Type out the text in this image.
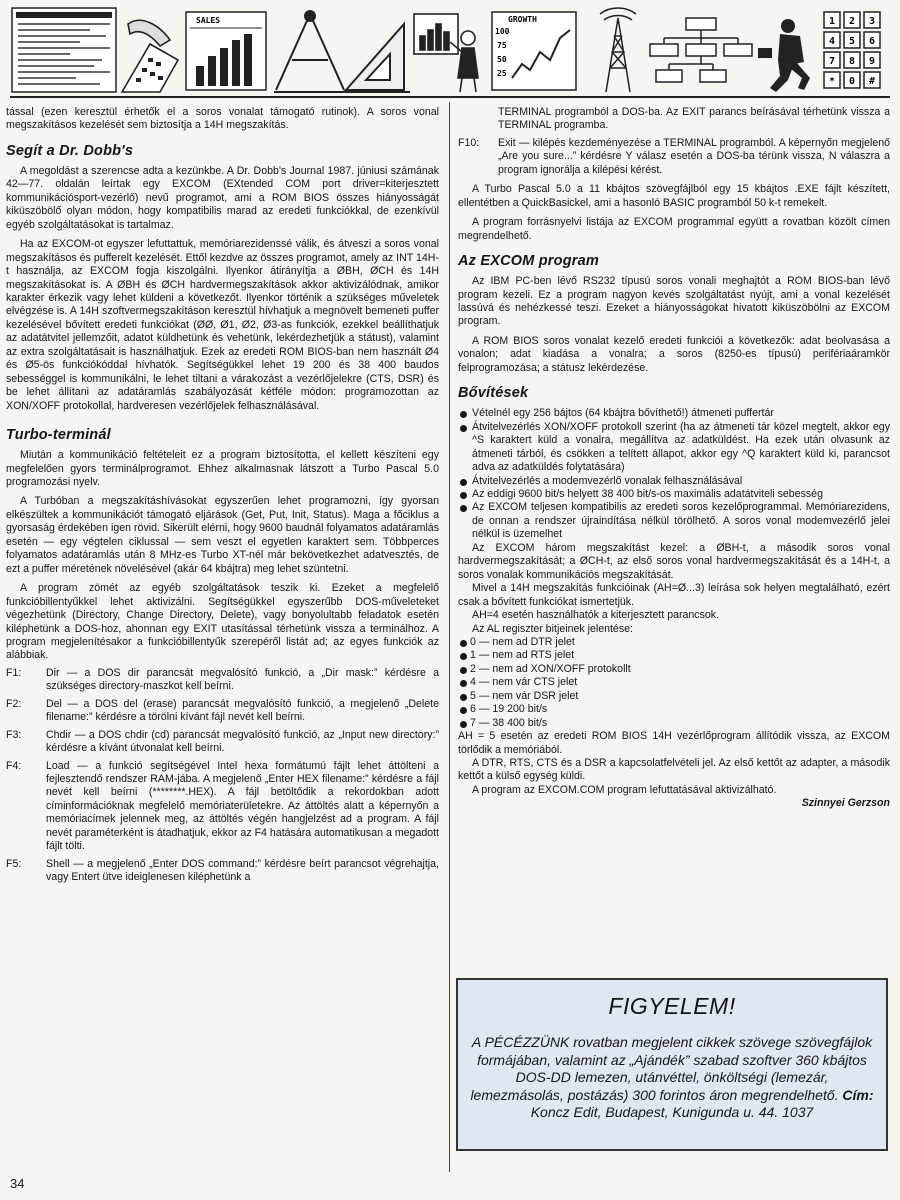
SALES	GROWTH
100
75
50
25
1 2 3
4 5 6
7 8 9
* 0 #

tással (ezen keresztül érhetők el a soros vonalat támogató rutinok). A soros vonal megszakításos kezelését sem biztosítja a 14H megszakítás.

Segít a Dr. Dobb's

A megoldást a szerencse adta a kezünkbe. A Dr. Dobb's Journal 1987. júniusi számának 42—77. oldalán leírtak egy EXCOM (EXtended COM port driver=kiterjesztett kommunikációsport-vezérlő) nevű programot, ami a ROM BIOS összes hiányosságát kiküszöbölő olyan módon, hogy kompatibilis marad az eredeti funkciókkal, de ezenkívül egyéb szolgáltatásokat is tartalmaz.

Ha az EXCOM-ot egyszer lefuttattuk, memóriarezidenssé válik, és átveszi a soros vonal megszakításos és pufferelt kezelését. Ettől kezdve az összes programot, amely az INT 14H-t használja, az EXCOM fogja kiszolgálni. Ilyenkor átirányítja a ØBH, ØCH és 14H megszakításokat is. A ØBH és ØCH hardvermegszakítások akkor aktivizálódnak, amikor karakter érkezik vagy lehet küldeni a következőt. Ilyenkor történik a szükséges műveletek elvégzése is. A 14H szoftvermegszakításon keresztül hívhatjuk a megnövelt bemeneti puffer kezelésével bővített eredeti funkciókat (ØØ, Ø1, Ø2, Ø3-as funkciók, ezekkel beállíthatjuk az adatátvitel jellemzőit, adatot küldhetünk és vehetünk, lekérdezhetjük a státust), valamint az extra szolgáltatásait is használhatjuk. Ezek az eredeti ROM BIOS-ban nem használt Ø4 és Ø5-ös funkciókóddal hívhatók. Segítségükkel lehet 19 200 és 38 400 baudos sebességgel is kommunikálni, le lehet tiltani a várakozást a vezérlőjelekre (CTS, DSR) és be lehet állítani az adatáramlás szabályozását kétféle módon: programozottan az XON/XOFF protokollal, hardveresen vezérlőjelek felhasználásával.

Turbo-terminál

Miután a kommunikáció feltételeit ez a program biztosította, el kellett készíteni egy megfelelően gyors terminálprogramot. Ehhez alkalmasnak látszott a Turbo Pascal 5.0 programozási nyelv.

A Turbóban a megszakításhívásokat egyszerűen lehet programozni, így gyorsan elkészültek a kommunikációt támogató eljárások (Get, Put, Init, Status). Maga a főciklus a gyorsaság érdekében igen rövid. Sikerült elérni, hogy 9600 baudnál folyamatos adatáramlás esetén — egy végtelen ciklussal — sem veszt el egyetlen karaktert sem. Többperces folyamatos adatáramlás után 8 MHz-es Turbo XT-nél már bekövetkezhet adatvesztés, de ezt a puffer méretének növelésével (akár 64 kbájtra) meg lehet szüntetni.

A program zömét az egyéb szolgáltatások teszik ki. Ezeket a megfelelő funkcióbillentyűkkel lehet aktivizálni. Segítségükkel egyszerűbb DOS-műveleteket végezhetünk (Directory, Change Directory, Delete), vagy bonyolultabb feladatok esetén kiléphetünk a DOS-hoz, ahonnan egy EXIT utasítással térhetünk vissza a terminálhoz. A program megjelenítésakor a funkcióbillentyűk szerepéről listát ad; az egyes funkciók az alábbiak.

F1:	Dir — a DOS dir parancsát megvalósító funkció, a „Dir mask:” kérdésre a szükséges directory-maszkot kell beírni.
F2:	Del — a DOS del (erase) parancsát megvalósító funkció, a megjelenő „Delete filename:” kérdésre a törölni kívánt fájl nevét kell beírni.
F3:	Chdir — a DOS chdir (cd) parancsát megvalósító funkció, az „Input new directory:” kérdésre a kívánt útvonalat kell beírni.
F4:	Load — a funkció segítségével Intel hexa formátumú fájlt lehet áttölteni a fejlesztendő rendszer RAM-jába. A megjelenő „Enter HEX filename:” kérdésre a fájl nevét kell beírni (********.HEX). A fájl betöltődik a rekordokban adott címinformációknak megfelelő memóriaterületekre. Az áttöltés alatt a képernyőn a memóriacímek jelennek meg, az áttöltés végén hangjelzést ad a program. A fájl nevét paraméterként is átadhatjuk, ekkor az F4 hatására automatikusan a megadott fájlt tölti.
F5:	Shell — a megjelenő „Enter DOS command:” kérdésre beírt parancsot végrehajtja, vagy Entert ütve ideiglenesen kiléphetünk a

TERMINAL programból a DOS-ba. Az EXIT parancs beírásával térhetünk vissza a TERMINAL programba.

F10:	Exit — kilépés kezdeményezése a TERMINAL programból. A képernyőn megjelenő „Are you sure...” kérdésre Y válasz esetén a DOS-ba térünk vissza, N válaszra a program ignorálja a kilépési kérést.

A Turbo Pascal 5.0 a 11 kbájtos szövegfájlból egy 15 kbájtos .EXE fájlt készített, ellentétben a QuickBasickel, ami a hasonló BASIC programból 50 k-t remekelt.

A program forrásnyelvi listája az EXCOM programmal együtt a rovatban közölt címen megrendelhető.

Az EXCOM program

Az IBM PC-ben lévő RS232 típusú soros vonali meghajtót a ROM BIOS-ban lévő program kezeli. Ez a program nagyon kevés szolgáltatást nyújt, ami a vonal kezelését lassúvá és nehézkessé teszi. Ezeket a hiányosságokat hivatott kiküszöbölni az EXCOM program.

A ROM BIOS soros vonalat kezelő eredeti funkciói a következők: adat beolvasása a vonalon; adat kiadása a vonalra; a soros (8250-es típusú) perifériaáramkör felprogramozása; a státusz lekérdezése.

Bővítések
Vételnél egy 256 bájtos (64 kbájtra bővíthető!) átmeneti puffertár
Átvitelvezérlés XON/XOFF protokoll szerint (ha az átmeneti tár közel megtelt, akkor egy ^S karaktert küld a vonalra, megállítva az adatküldést. Ha ezek után olvasunk az átmeneti tárból, és csökken a telített állapot, akkor egy ^Q karaktert küld ki, parancsot adva az adatküldés folytatására)
Átvitelvezérlés a modemvezérlő vonalak felhasználásával
Az eddigi 9600 bit/s helyett 38 400 bit/s-os maximális adatátviteli sebesség
Az EXCOM teljesen kompatibilis az eredeti soros kezelőprogrammal. Memóriarezidens, de onnan a rendszer újraindítása nélkül törölhető. A soros vonal modemvezérlő jelei nélkül is üzemelhet

Az EXCOM három megszakítást kezel: a ØBH-t, a második soros vonal hardvermegszakítását; a ØCH-t, az első soros vonal hardvermegszakítását és a 14H-t, a soros vonalak kommunikációs megszakítását.

Mivel a 14H megszakítás funkcióinak (AH=Ø...3) leírása sok helyen megtalálható, ezért csak a bővített funkciókat ismertetjük.

AH=4 esetén használhatók a kiterjesztett parancsok.

Az AL regiszter bitjeinek jelentése:

0 — nem ad DTR jelet
1 — nem ad RTS jelet
2 — nem ad XON/XOFF protokollt
4 — nem vár CTS jelet
5 — nem vár DSR jelet
6 — 19 200 bit/s
7 — 38 400 bit/s

AH = 5 esetén az eredeti ROM BIOS 14H vezérlőprogram állítódik vissza, az EXCOM törlődik a memóriából.

A DTR, RTS, CTS és a DSR a kapcsolatfelvételi jel. Az első kettőt az adapter, a második kettőt a külső egység küldi.

A program az EXCOM.COM program lefuttatásával aktivizálható.

Szinnyei Gerzson
FIGYELEM!
A PÉCÉZZÜNK rovatban megjelent cikkek szövege szövegfájlok formájában, valamint az „Ajándék” szabad szoftver 360 kbájtos DOS-DD lemezen, utánvéttel, önköltségi (lemezár, lemezmásolás, postázás) 300 forintos áron megrendelhető. Cím: Koncz Edit, Budapest, Kunigunda u. 44. 1037
34
